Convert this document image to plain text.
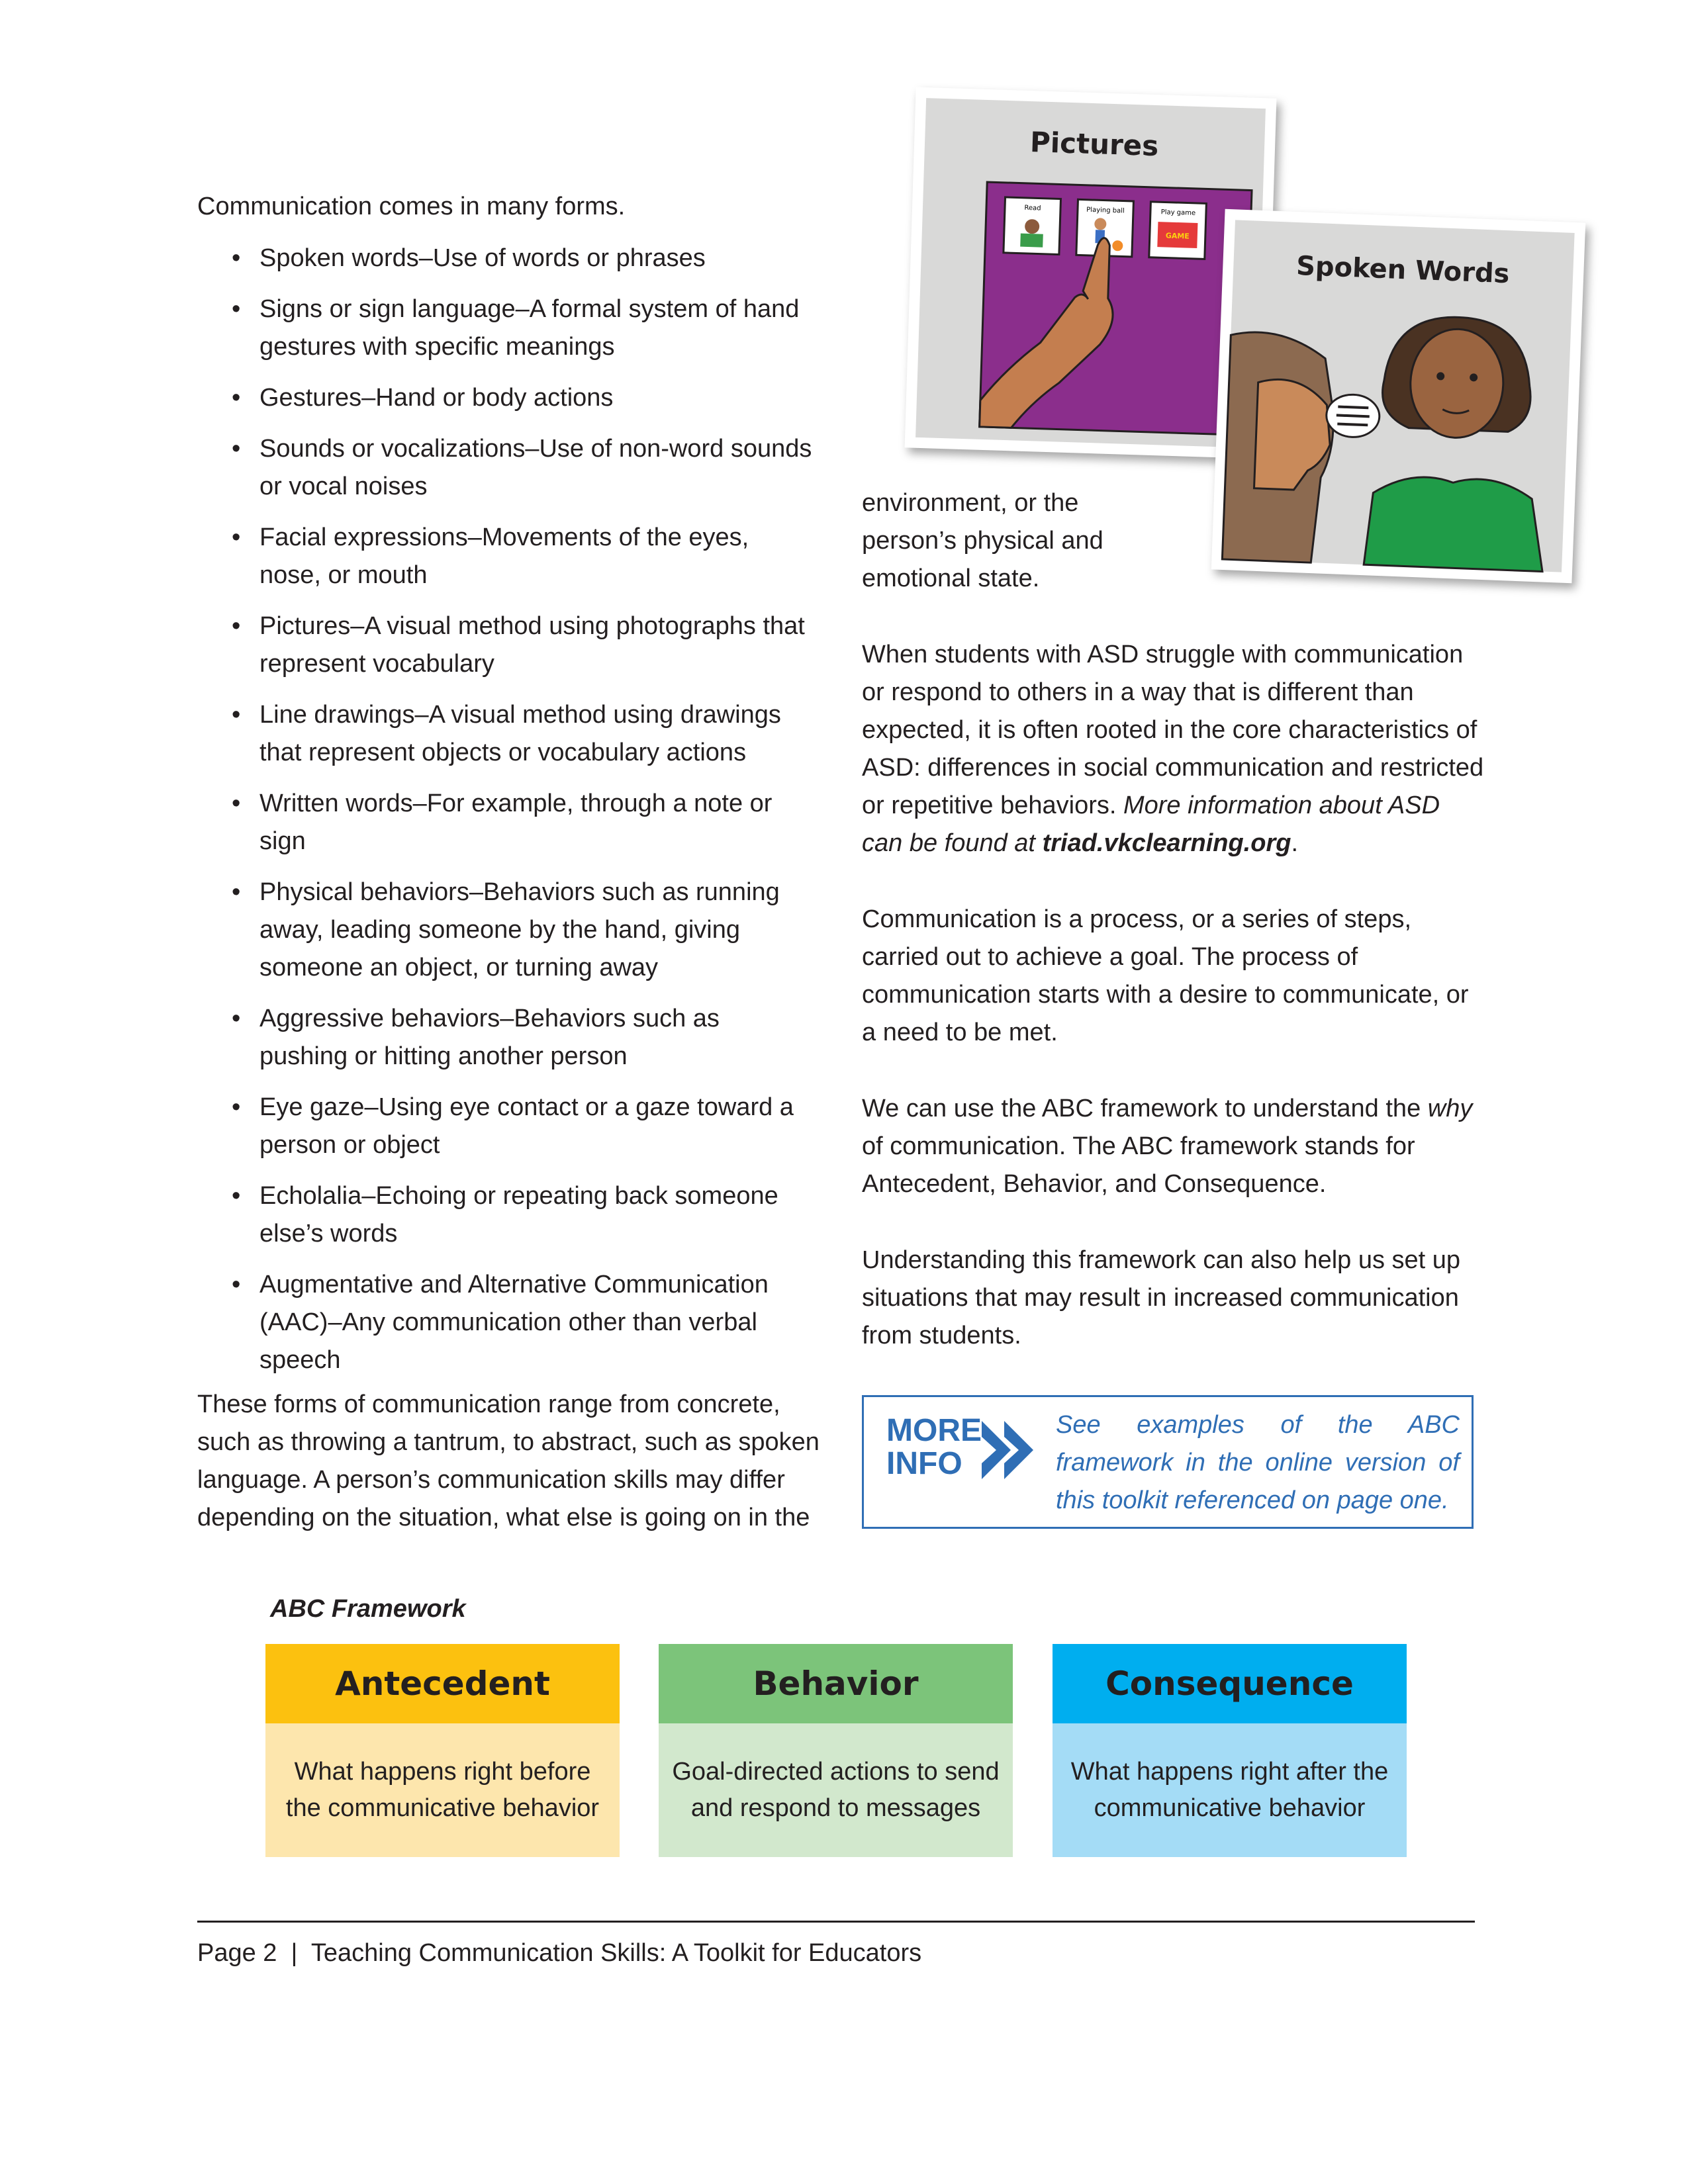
Communication comes in many forms.

• Spoken words–Use of words or phrases
• Signs or sign language–A formal system of hand gestures with specific meanings
• Gestures–Hand or body actions
• Sounds or vocalizations–Use of non-word sounds or vocal noises
• Facial expressions–Movements of the eyes, nose, or mouth
• Pictures–A visual method using photographs that represent vocabulary
• Line drawings–A visual method using drawings that represent objects or vocabulary actions
• Written words–For example, through a note or sign
• Physical behaviors–Behaviors such as running away, leading someone by the hand, giving someone an object, or turning away
• Aggressive behaviors–Behaviors such as pushing or hitting another person
• Eye gaze–Using eye contact or a gaze toward a person or object
• Echolalia–Echoing or repeating back someone else’s words
• Augmentative and Alternative Communication (AAC)–Any communication other than verbal speech

These forms of communication range from concrete, such as throwing a tantrum, to abstract, such as spoken language. A person’s communication skills may differ depending on the situation, what else is going on in the

Pictures
Read	Playing ball	Play game
GAME
Spoken Words

environment, or the person’s physical and emotional state.

When students with ASD struggle with communication or respond to others in a way that is different than expected, it is often rooted in the core characteristics of ASD: differences in social communication and restricted or repetitive behaviors. More information about ASD can be found at triad.vkclearning.org.

Communication is a process, or a series of steps, carried out to achieve a goal. The process of communication starts with a desire to communicate, or a need to be met.

We can use the ABC framework to understand the why of communication. The ABC framework stands for Antecedent, Behavior, and Consequence.

Understanding this framework can also help us set up situations that may result in increased communication from students.

MORE
INFO
See examples of the ABC framework in the online version of this toolkit referenced on page one.
ABC Framework
Antecedent
What happens right before the communicative behavior
Behavior
Goal-directed actions to send and respond to messages
Consequence
What happens right after the communicative behavior
Page 2  |  Teaching Communication Skills: A Toolkit for Educators
